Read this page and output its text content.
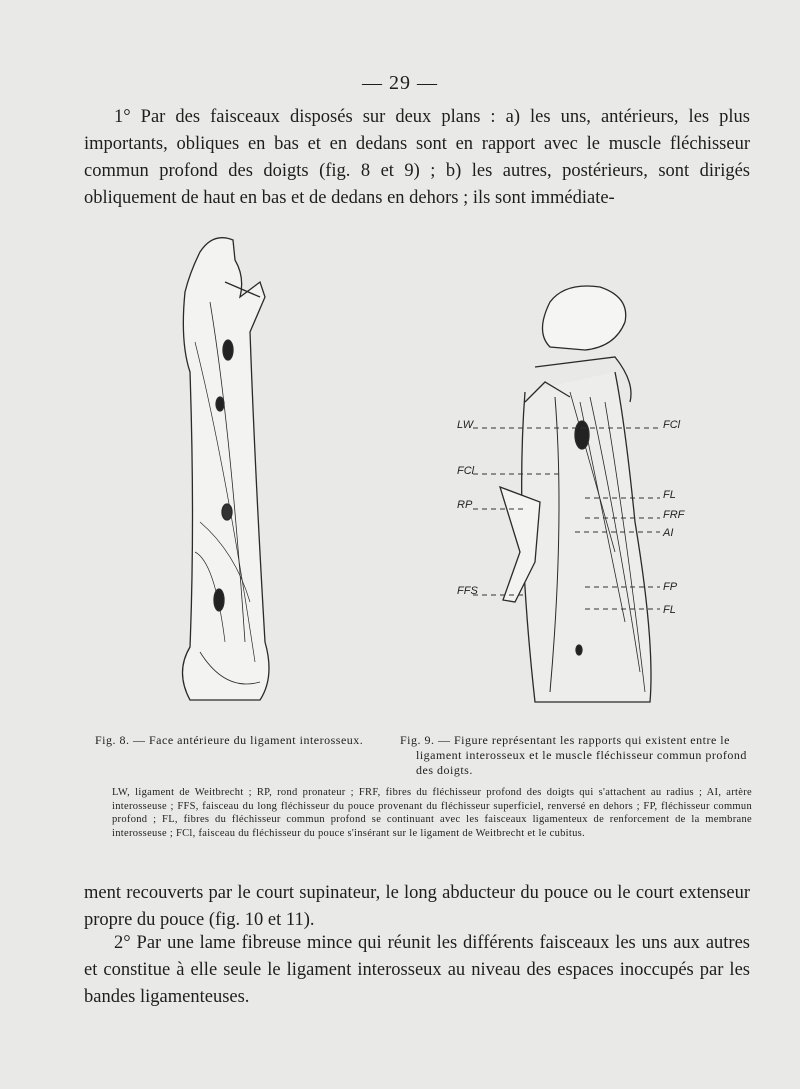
— 29 —
1° Par des faisceaux disposés sur deux plans : a) les uns, antérieurs, les plus importants, obliques en bas et en dedans sont en rapport avec le muscle fléchisseur commun profond des doigts (fig. 8 et 9) ; b) les autres, postérieurs, sont dirigés obliquement de haut en bas et de dedans en dehors ; ils sont immédiate-
LW
FCl
RP
FFS
FCl
FL
FRF
AI
FP
FL
Fig. 8. — Face antérieure du ligament interosseux.	Fig. 9. — Figure représentant les rapports qui existent entre le ligament interosseux et le muscle fléchisseur commun profond des doigts.
LW, ligament de Weitbrecht ; RP, rond pronateur ; FRF, fibres du fléchisseur profond des doigts qui s'attachent au radius ; AI, artère interosseuse ; FFS, faisceau du long fléchisseur du pouce provenant du fléchisseur superficiel, renversé en dehors ; FP, fléchisseur commun profond ; FL, fibres du fléchisseur commun profond se continuant avec les faisceaux ligamenteux de renforcement de la membrane interosseuse ; FCl, faisceau du fléchisseur du pouce s'insérant sur le ligament de Weitbrecht et le cubitus.
ment recouverts par le court supinateur, le long abducteur du pouce ou le court extenseur propre du pouce (fig. 10 et 11).
2° Par une lame fibreuse mince qui réunit les différents faisceaux les uns aux autres et constitue à elle seule le ligament interosseux au niveau des espaces inoccupés par les bandes ligamenteuses.
